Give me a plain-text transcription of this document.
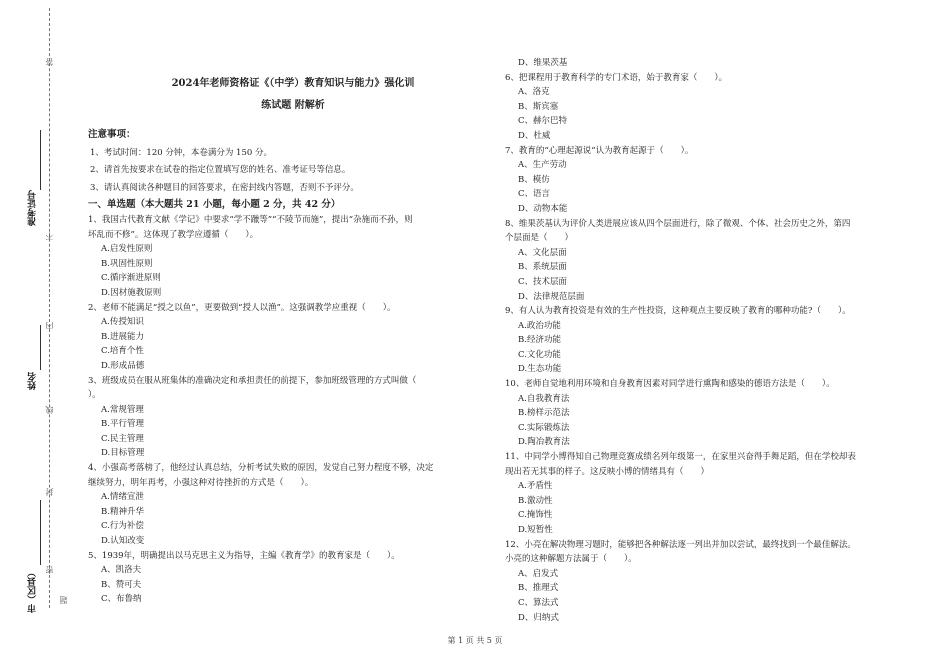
答
不
内
线
封
密
准考证号
姓名
市（区县）	题

2024年老师资格证《（中学）教育知识与能力》强化训

练试题 附解析

注意事项：

1、考试时间：120 分钟，本卷满分为 150 分。

2、请首先按要求在试卷的指定位置填写您的姓名、准考证号等信息。

3、请认真阅读各种题目的回答要求，在密封线内答题，否则不予评分。

一、单选题（本大题共 21 小题，每小题 2 分，共 42 分）

1、我国古代教育文献《学记》中要求“学不躐等”“不陵节而施”，提出“杂施而不孙，则

坏乱而不修”。这体现了教学应遵循（　　）。

A.启发性原则

B.巩固性原则

C.循序渐进原则

D.因材施教原则

2、老师不能满足“授之以鱼”，更要做到“授人以渔”。这强调教学应重视（　　）。

A.传授知识

B.进展能力

C.培育个性

D.形成品德

3、班级成员在服从班集体的准确决定和承担责任的前提下，参加班级管理的方式叫做（

）。

A.常规管理

B.平行管理

C.民主管理

D.目标管理

4、小强高考落榜了，他经过认真总结，分析考试失败的原因，发觉自己努力程度不够，决定

继续努力，明年再考，小强这种对待挫折的方式是（　　）。

A.情绪宣泄

B.精神升华

C.行为补偿

D.认知改变

5、1939年，明确提出以马克思主义为指导，主编《教育学》的教育家是（　　）。

A、凯洛夫

B、赞可夫

C、布鲁纳

D、维果茨基

6、把课程用于教育科学的专门术语，始于教育家（　　）。

A、洛克

B、斯宾塞

C、赫尔巴特

D、杜威

7、教育的“心理起源说”认为教育起源于（　　）。

A、生产劳动

B、模仿

C、语言

D、动物本能

8、维果茨基认为评价人类进展应该从四个层面进行，除了微观、个体、社会历史之外，第四

个层面是（　　）

A、文化层面

B、系统层面

C、技术层面

D、法律规范层面

9、有人认为教育投资是有效的生产性投资，这种观点主要反映了教育的哪种功能?（　　）。

A.政治功能

B.经济功能

C.文化功能

D.生态功能

10、老师自觉地利用环境和自身教育因素对同学进行熏陶和感染的德语方法是（　　）。

A.自我教育法

B.榜样示范法

C.实际锻炼法

D.陶冶教育法

11、中同学小博得知自己物理竞赛成绩名列年级第一，在家里兴奋得手舞足蹈，但在学校却表

现出若无其事的样子。这反映小博的情绪具有（　　）

A.矛盾性

B.激动性

C.掩饰性

D.短暂性

12、小亮在解决物理习题时，能够把各种解法逐一列出并加以尝试，最终找到一个最佳解法。

小亮的这种解题方法属于（　　）。

A、启发式

B、推理式

C、算法式

D、归纳式

第 1 页 共 5 页
